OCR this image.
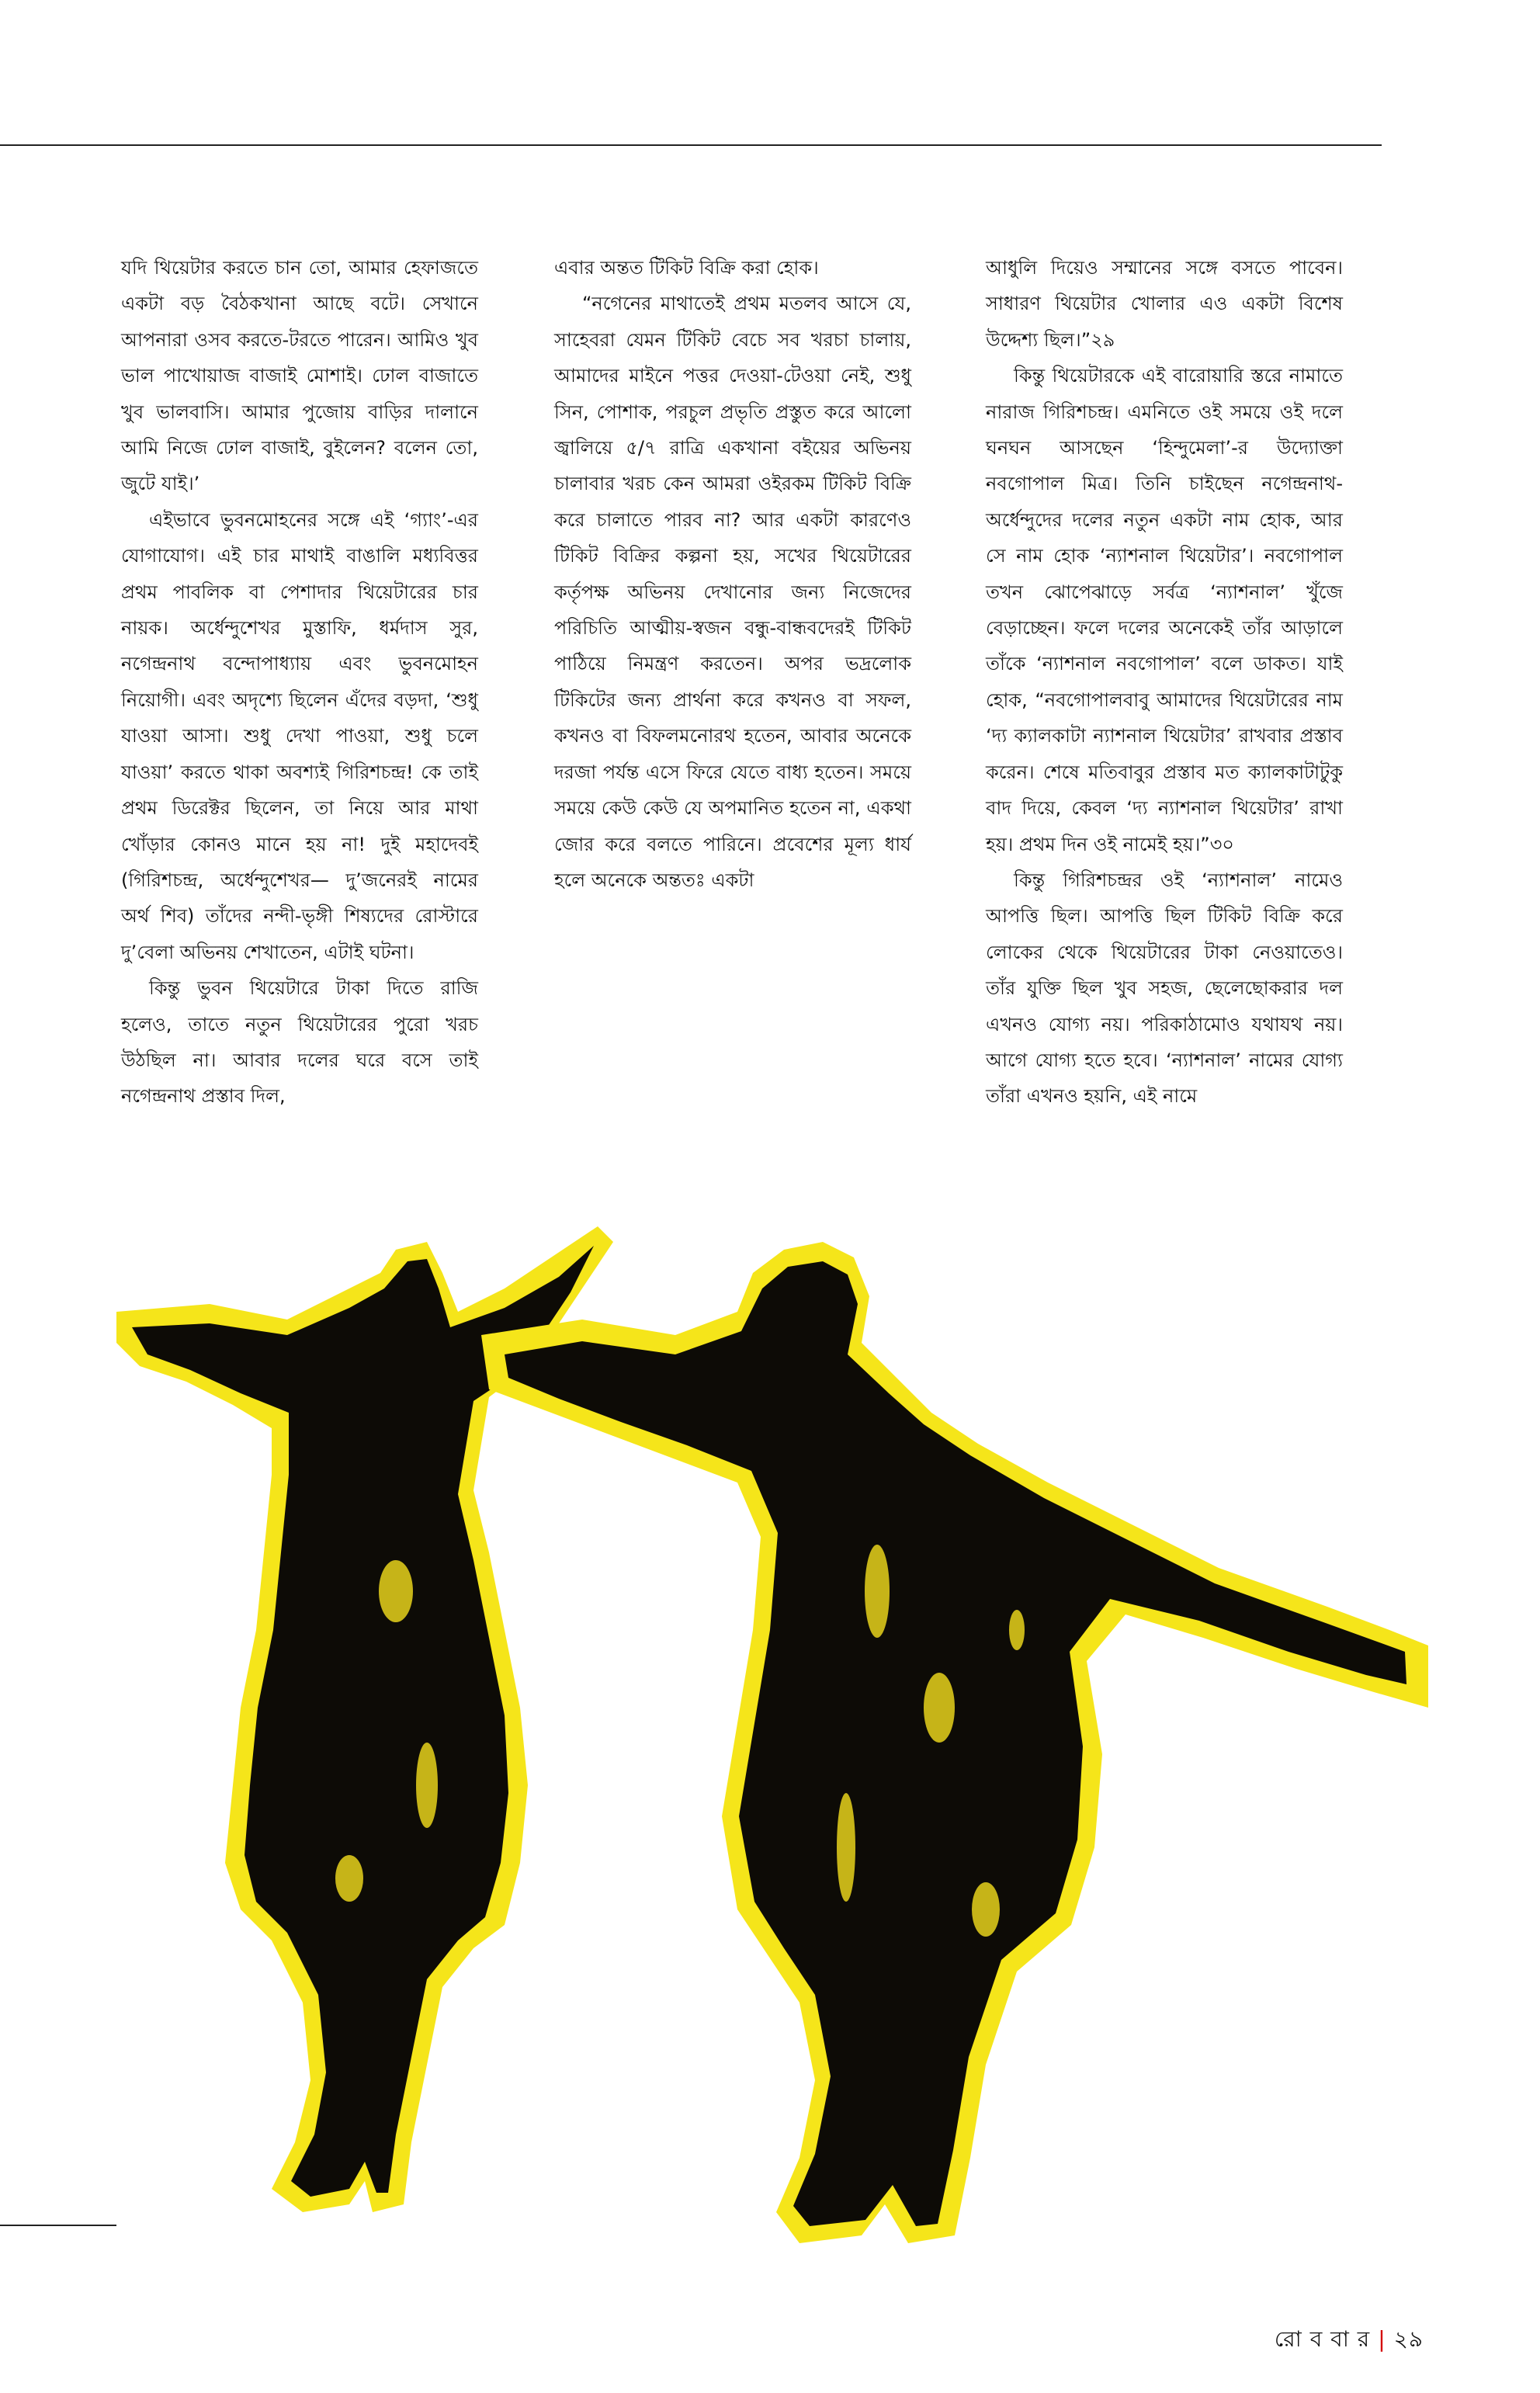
যদি থিয়েটার করতে চান তো, আমার হেফাজতে একটা বড় বৈঠকখানা আছে বটে। সেখানে আপনারা ওসব করতে-টরতে পারেন। আমিও খুব ভাল পাখোয়াজ বাজাই মোশাই। ঢোল বাজাতে খুব ভালবাসি। আমার পুজোয় বাড়ির দালানে আমি নিজে ঢোল বাজাই, বুইলেন? বলেন তো, জুটে যাই।’

এইভাবে ভুবনমোহনের সঙ্গে এই ‘গ্যাং’-এর যোগাযোগ। এই চার মাথাই বাঙালি মধ্যবিত্তর প্রথম পাবলিক বা পেশাদার থিয়েটারের চার নায়ক। অর্ধেন্দুশেখর মুস্তাফি, ধর্মদাস সুর, নগেন্দ্রনাথ বন্দোপাধ্যায় এবং ভুবনমোহন নিয়োগী। এবং অদৃশ্যে ছিলেন এঁদের বড়দা, ‘শুধু যাওয়া আসা। শুধু দেখা পাওয়া, শুধু চলে যাওয়া’ করতে থাকা অবশ্যই গিরিশচন্দ্র! কে তাই প্রথম ডিরেক্টর ছিলেন, তা নিয়ে আর মাথা খোঁড়ার কোনও মানে হয় না! দুই মহাদেবই (গিরিশচন্দ্র, অর্ধেন্দুশেখর— দু’জনেরই নামের অর্থ শিব) তাঁদের নন্দী-ভৃঙ্গী শিষ্যদের রোস্টারে দু’বেলা অভিনয় শেখাতেন, এটাই ঘটনা।

কিন্তু ভুবন থিয়েটারে টাকা দিতে রাজি হলেও, তাতে নতুন থিয়েটারের পুরো খরচ উঠছিল না। আবার দলের ঘরে বসে তাই নগেন্দ্রনাথ প্রস্তাব দিল,

এবার অন্তত টিকিট বিক্রি করা হোক।

“নগেনের মাথাতেই প্রথম মতলব আসে যে, সাহেবরা যেমন টিকিট বেচে সব খরচা চালায়, আমাদের মাইনে পত্তর দেওয়া-টেওয়া নেই, শুধু সিন, পোশাক, পরচুল প্রভৃতি প্রস্তুত করে আলো জ্বালিয়ে ৫/৭ রাত্রি একখানা বইয়ের অভিনয় চালাবার খরচ কেন আমরা ওইরকম টিকিট বিক্রি করে চালাতে পারব না? আর একটা কারণেও টিকিট বিক্রির কল্পনা হয়, সখের থিয়েটারের কর্তৃপক্ষ অভিনয় দেখানোর জন্য নিজেদের পরিচিতি আত্মীয়-স্বজন বন্ধু-বান্ধবদেরই টিকিট পাঠিয়ে নিমন্ত্রণ করতেন। অপর ভদ্রলোক টিকিটের জন্য প্রার্থনা করে কখনও বা সফল, কখনও বা বিফলমনোরথ হতেন, আবার অনেকে দরজা পর্যন্ত এসে ফিরে যেতে বাধ্য হতেন। সময়ে সময়ে কেউ কেউ যে অপমানিত হতেন না, একথা জোর করে বলতে পারিনে। প্রবেশের মূল্য ধার্য হলে অনেকে অন্ততঃ একটা

আধুলি দিয়েও সম্মানের সঙ্গে বসতে পাবেন। সাধারণ থিয়েটার খোলার এও একটা বিশেষ উদ্দেশ্য ছিল।”২৯

কিন্তু থিয়েটারকে এই বারোয়ারি স্তরে নামাতে নারাজ গিরিশচন্দ্র। এমনিতে ওই সময়ে ওই দলে ঘনঘন আসছেন ‘হিন্দুমেলা’-র উদ্যোক্তা নবগোপাল মিত্র। তিনি চাইছেন নগেন্দ্রনাথ-অর্ধেন্দুদের দলের নতুন একটা নাম হোক, আর সে নাম হোক ‘ন্যাশনাল থিয়েটার’। নবগোপাল তখন ঝোপেঝাড়ে সর্বত্র ‘ন্যাশনাল’ খুঁজে বেড়াচ্ছেন। ফলে দলের অনেকেই তাঁর আড়ালে তাঁকে ‘ন্যাশনাল নবগোপাল’ বলে ডাকত। যাই হোক, “নবগোপালবাবু আমাদের থিয়েটারের নাম ‘দ্য ক্যালকাটা ন্যাশনাল থিয়েটার’ রাখবার প্রস্তাব করেন। শেষে মতিবাবুর প্রস্তাব মত ক্যালকাটাটুকু বাদ দিয়ে, কেবল ‘দ্য ন্যাশনাল থিয়েটার’ রাখা হয়। প্রথম দিন ওই নামেই হয়।”৩০

কিন্তু গিরিশচন্দ্রর ওই ‘ন্যাশনাল’ নামেও আপত্তি ছিল। আপত্তি ছিল টিকিট বিক্রি করে লোকের থেকে থিয়েটারের টাকা নেওয়াতেও। তাঁর যুক্তি ছিল খুব সহজ, ছেলেছোকরার দল এখনও যোগ্য নয়। পরিকাঠামোও যথাযথ নয়। আগে যোগ্য হতে হবে। ‘ন্যাশনাল’ নামের যোগ্য তাঁরা এখনও হয়নি, এই নামে

রো ব বা র | ২৯
